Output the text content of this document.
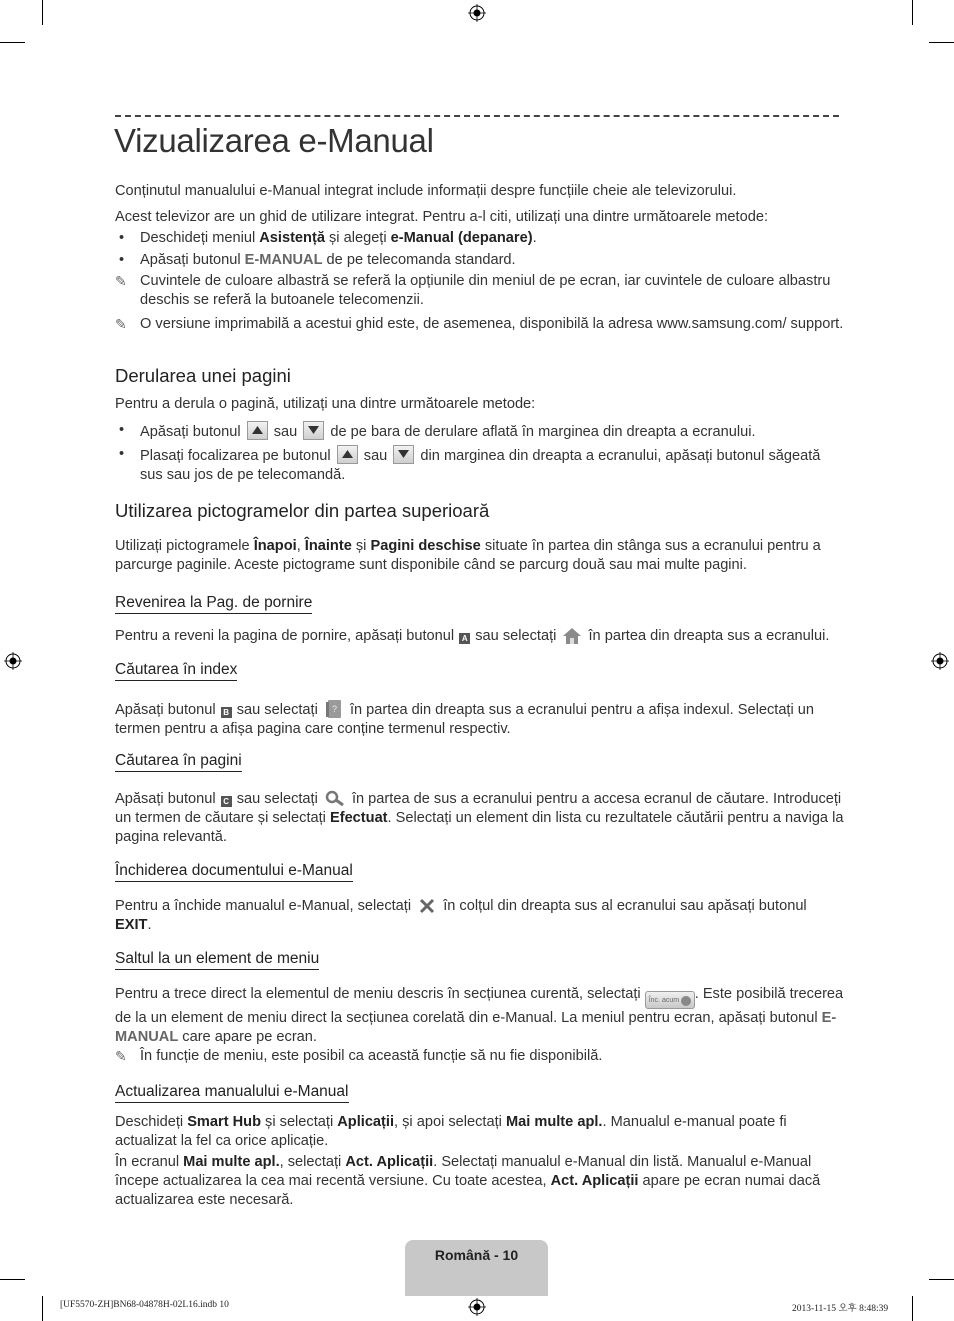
Vizualizarea e-Manual
Conținutul manualului e-Manual integrat include informații despre funcțiile cheie ale televizorului.
Acest televizor are un ghid de utilizare integrat. Pentru a-l citi, utilizați una dintre următoarele metode:
• Deschideți meniul Asistență și alegeți e-Manual (depanare).
• Apăsați butonul E-MANUAL de pe telecomanda standard.
✎ Cuvintele de culoare albastră se referă la opțiunile din meniul de pe ecran, iar cuvintele de culoare albastru deschis se referă la butoanele telecomenzii.
✎ O versiune imprimabilă a acestui ghid este, de asemenea, disponibilă la adresa www.samsung.com/ support.
Derularea unei pagini
Pentru a derula o pagină, utilizați una dintre următoarele metode:
• Apăsați butonul
sau
de pe bara de derulare aflată în marginea din dreapta a ecranului.
• Plasați focalizarea pe butonul
sau
din marginea din dreapta a ecranului, apăsați butonul săgeată sus sau jos de pe telecomandă.
Utilizarea pictogramelor din partea superioară
Utilizați pictogramele Înapoi, Înainte și Pagini deschise situate în partea din stânga sus a ecranului pentru a parcurge paginile. Aceste pictograme sunt disponibile când se parcurg două sau mai multe pagini.
Revenirea la Pag. de pornire
Pentru a reveni la pagina de pornire, apăsați butonul A sau selectați  în partea din dreapta sus a ecranului.
Căutarea în index
Apăsați butonul B sau selectați ? în partea din dreapta sus a ecranului pentru a afișa indexul. Selectați un termen pentru a afișa pagina care conține termenul respectiv.
Căutarea în pagini
Apăsați butonul C sau selectați  în partea de sus a ecranului pentru a accesa ecranul de căutare. Introduceți un termen de căutare și selectați Efectuat. Selectați un element din lista cu rezultatele căutării pentru a naviga la pagina relevantă.
Închiderea documentului e-Manual
Pentru a închide manualul e-Manual, selectați  în colțul din dreapta sus al ecranului sau apăsați butonul EXIT.
Saltul la un element de meniu
Pentru a trece direct la elementul de meniu descris în secțiunea curentă, selectați Înc. acum . Este posibilă trecerea de la un element de meniu direct la secțiunea corelată din e-Manual. La meniul pentru ecran, apăsați butonul E-MANUAL care apare pe ecran.
✎ În funcție de meniu, este posibil ca această funcție să nu fie disponibilă.
Actualizarea manualului e-Manual
Deschideți Smart Hub și selectați Aplicații, și apoi selectați Mai multe apl.. Manualul e-manual poate fi actualizat la fel ca orice aplicație.
În ecranul Mai multe apl., selectați Act. Aplicații. Selectați manualul e-Manual din listă. Manualul e-Manual începe actualizarea la cea mai recentă versiune. Cu toate acestea, Act. Aplicații apare pe ecran numai dacă actualizarea este necesară.
Română - 10
[UF5570-ZH]BN68-04878H-02L16.indb 10	2013-11-15 오후 8:48:39
